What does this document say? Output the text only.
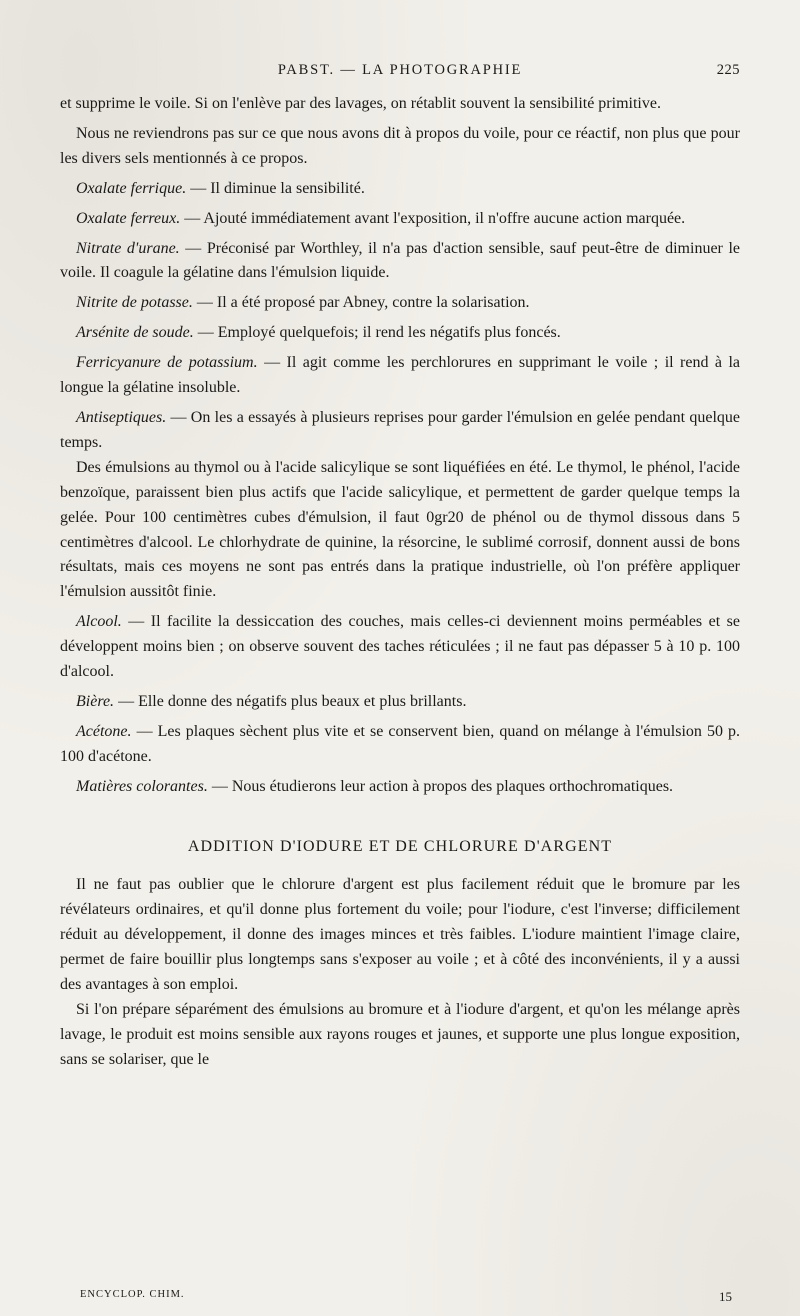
PABST. — LA PHOTOGRAPHIE	225

et supprime le voile. Si on l'enlève par des lavages, on rétablit souvent la sensibilité primitive.

 Nous ne reviendrons pas sur ce que nous avons dit à propos du voile, pour ce réactif, non plus que pour les divers sels mentionnés à ce propos.

 Oxalate ferrique. — Il diminue la sensibilité.

 Oxalate ferreux. — Ajouté immédiatement avant l'exposition, il n'offre aucune action marquée.

 Nitrate d'urane. — Préconisé par Worthley, il n'a pas d'action sensible, sauf peut-être de diminuer le voile. Il coagule la gélatine dans l'émulsion liquide.

 Nitrite de potasse. — Il a été proposé par Abney, contre la solarisation.

 Arsénite de soude. — Employé quelquefois; il rend les négatifs plus foncés.

 Ferricyanure de potassium. — Il agit comme les perchlorures en supprimant le voile ; il rend à la longue la gélatine insoluble.

 Antiseptiques. — On les a essayés à plusieurs reprises pour garder l'émulsion en gelée pendant quelque temps.

 Des émulsions au thymol ou à l'acide salicylique se sont liquéfiées en été. Le thymol, le phénol, l'acide benzoïque, paraissent bien plus actifs que l'acide salicylique, et permettent de garder quelque temps la gelée. Pour 100 centimètres cubes d'émulsion, il faut 0gr20 de phénol ou de thymol dissous dans 5 centimètres d'alcool. Le chlorhydrate de quinine, la résorcine, le sublimé corrosif, donnent aussi de bons résultats, mais ces moyens ne sont pas entrés dans la pratique industrielle, où l'on préfère appliquer l'émulsion aussitôt finie.

 Alcool. — Il facilite la dessiccation des couches, mais celles-ci deviennent moins perméables et se développent moins bien ; on observe souvent des taches réticulées ; il ne faut pas dépasser 5 à 10 p. 100 d'alcool.

 Bière. — Elle donne des négatifs plus beaux et plus brillants.

 Acétone. — Les plaques sèchent plus vite et se conservent bien, quand on mélange à l'émulsion 50 p. 100 d'acétone.

 Matières colorantes. — Nous étudierons leur action à propos des plaques orthochromatiques.

ADDITION D'IODURE ET DE CHLORURE D'ARGENT

 Il ne faut pas oublier que le chlorure d'argent est plus facilement réduit que le bromure par les révélateurs ordinaires, et qu'il donne plus fortement du voile; pour l'iodure, c'est l'inverse; difficilement réduit au développement, il donne des images minces et très faibles. L'iodure maintient l'image claire, permet de faire bouillir plus longtemps sans s'exposer au voile ; et à côté des inconvénients, il y a aussi des avantages à son emploi.

 Si l'on prépare séparément des émulsions au bromure et à l'iodure d'argent, et qu'on les mélange après lavage, le produit est moins sensible aux rayons rouges et jaunes, et supporte une plus longue exposition, sans se solariser, que le

ENCYCLOP. CHIM.	15
